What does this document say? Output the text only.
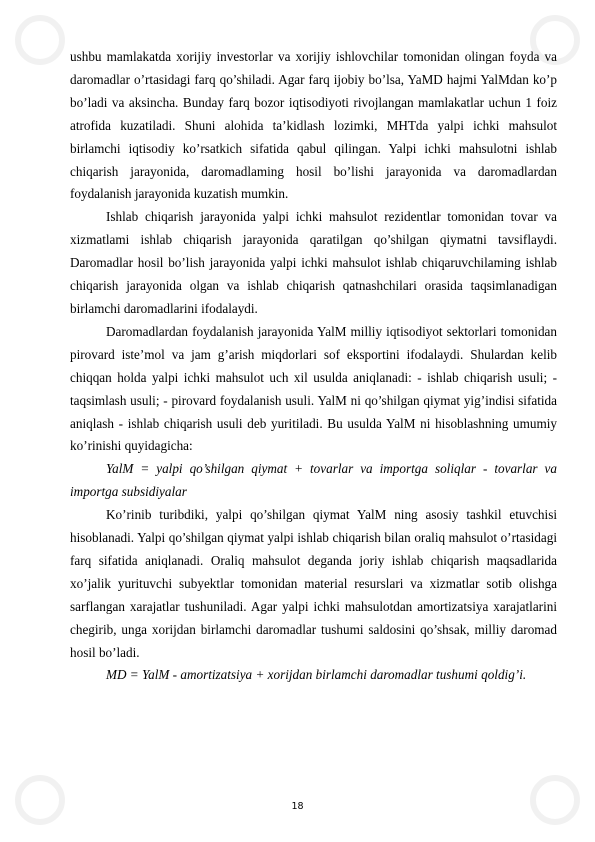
ushbu mamlakatda xorijiy investorlar va xorijiy ishlovchilar tomonidan olingan foyda va daromadlar o’rtasidagi farq qo’shiladi. Agar farq ijobiy bo’lsa, YaMD hajmi YalMdan ko’p bo’ladi va aksincha. Bunday farq bozor iqtisodiyoti rivojlangan mamlakatlar uchun 1 foiz atrofida kuzatiladi. Shuni alohida ta’kidlash lozimki, MHTda yalpi ichki mahsulot birlamchi iqtisodiy ko’rsatkich sifatida qabul qilingan. Yalpi ichki mahsulotni ishlab chiqarish jarayonida, daromadlaming hosil bo’lishi jarayonida va daromadlardan foydalanish jarayonida kuzatish mumkin.

Ishlab chiqarish jarayonida yalpi ichki mahsulot rezidentlar tomonidan tovar va xizmatlami ishlab chiqarish jarayonida qaratilgan qo’shilgan qiymatni tavsiflaydi. Daromadlar hosil bo’lish jarayonida yalpi ichki mahsulot ishlab chiqaruvchilaming ishlab chiqarish jarayonida olgan va ishlab chiqarish qatnashchilari orasida taqsimlanadigan birlamchi daromadlarini ifodalaydi.

Daromadlardan foydalanish jarayonida YalM milliy iqtisodiyot sektorlari tomonidan pirovard iste’mol va jam g’arish miqdorlari sof eksportini ifodalaydi. Shulardan kelib chiqqan holda yalpi ichki mahsulot uch xil usulda aniqlanadi: - ishlab chiqarish usuli; - taqsimlash usuli; - pirovard foydalanish usuli. YalM ni qo’shilgan qiymat yig’indisi sifatida aniqlash - ishlab chiqarish usuli deb yuritiladi. Bu usulda YalM ni hisoblashning umumiy ko’rinishi quyidagicha:

YalM = yalpi qo’shilgan qiymat + tovarlar va importga soliqlar - tovarlar va importga subsidiyalar

Ko’rinib turibdiki, yalpi qo’shilgan qiymat YalM ning asosiy tashkil etuvchisi hisoblanadi. Yalpi qo’shilgan qiymat yalpi ishlab chiqarish bilan oraliq mahsulot o’rtasidagi farq sifatida aniqlanadi. Oraliq mahsulot deganda joriy ishlab chiqarish maqsadlarida xo’jalik yurituvchi subyektlar tomonidan material resurslari va xizmatlar sotib olishga sarflangan xarajatlar tushuniladi. Agar yalpi ichki mahsulotdan amortizatsiya xarajatlarini chegirib, unga xorijdan birlamchi daromadlar tushumi saldosini qo’shsak, milliy daromad hosil bo’ladi.

MD = YalM - amortizatsiya + xorijdan birlamchi daromadlar tushumi qoldig’i.

18
